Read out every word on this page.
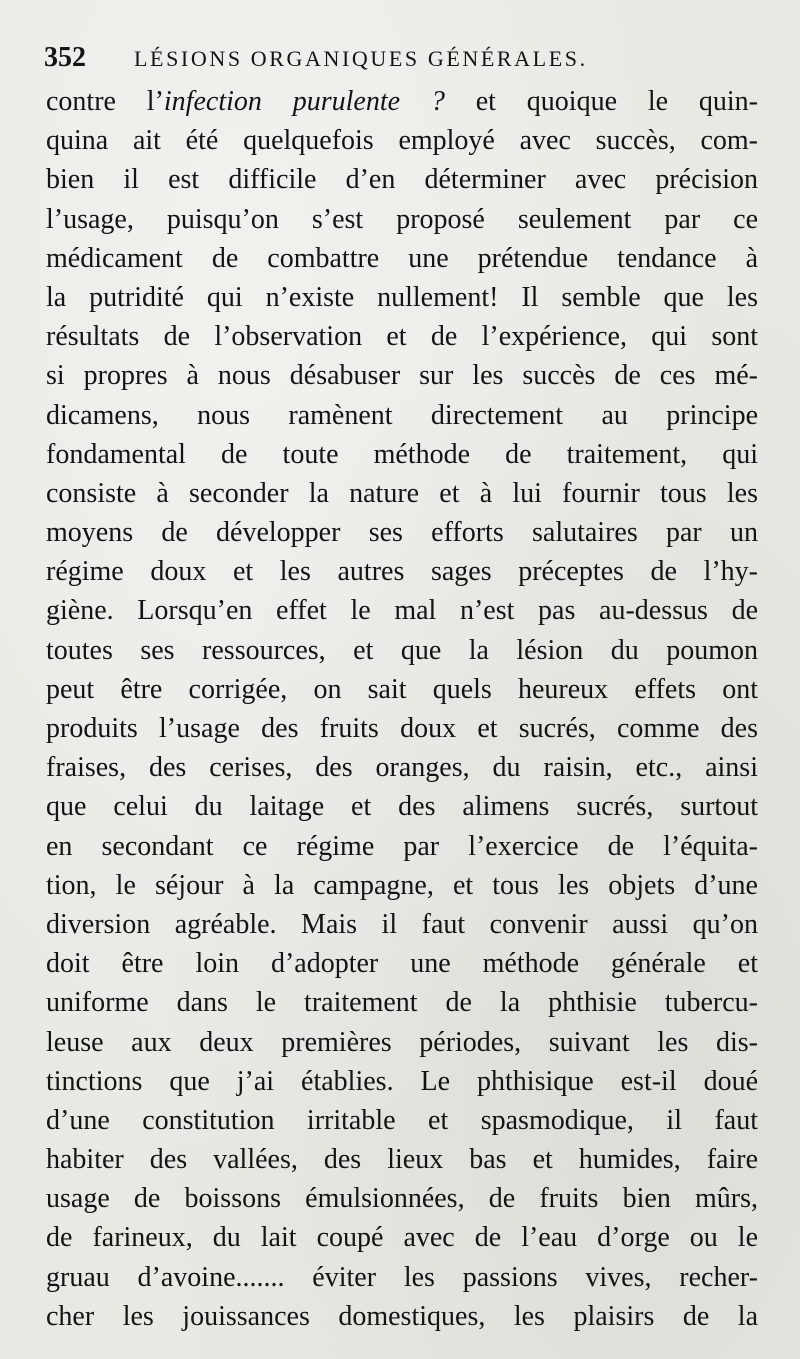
352	LÉSIONS ORGANIQUES GÉNÉRALES.
contre l’infection purulente ? et quoique le quin-
quina ait été quelquefois employé avec succès, com-
bien il est difficile d’en déterminer avec précision
l’usage, puisqu’on s’est proposé seulement par ce
médicament de combattre une prétendue tendance à
la putridité qui n’existe nullement! Il semble que les
résultats de l’observation et de l’expérience, qui sont
si propres à nous désabuser sur les succès de ces mé-
dicamens, nous ramènent directement au principe
fondamental de toute méthode de traitement, qui
consiste à seconder la nature et à lui fournir tous les
moyens de développer ses efforts salutaires par un
régime doux et les autres sages préceptes de l’hy-
giène. Lorsqu’en effet le mal n’est pas au-dessus de
toutes ses ressources, et que la lésion du poumon
peut être corrigée, on sait quels heureux effets ont
produits l’usage des fruits doux et sucrés, comme des
fraises, des cerises, des oranges, du raisin, etc., ainsi
que celui du laitage et des alimens sucrés, surtout
en secondant ce régime par l’exercice de l’équita-
tion, le séjour à la campagne, et tous les objets d’une
diversion agréable. Mais il faut convenir aussi qu’on
doit être loin d’adopter une méthode générale et
uniforme dans le traitement de la phthisie tubercu-
leuse aux deux premières périodes, suivant les dis-
tinctions que j’ai établies. Le phthisique est-il doué
d’une constitution irritable et spasmodique, il faut
habiter des vallées, des lieux bas et humides, faire
usage de boissons émulsionnées, de fruits bien mûrs,
de farineux, du lait coupé avec de l’eau d’orge ou le
gruau d’avoine....... éviter les passions vives, recher-
cher les jouissances domestiques, les plaisirs de la
